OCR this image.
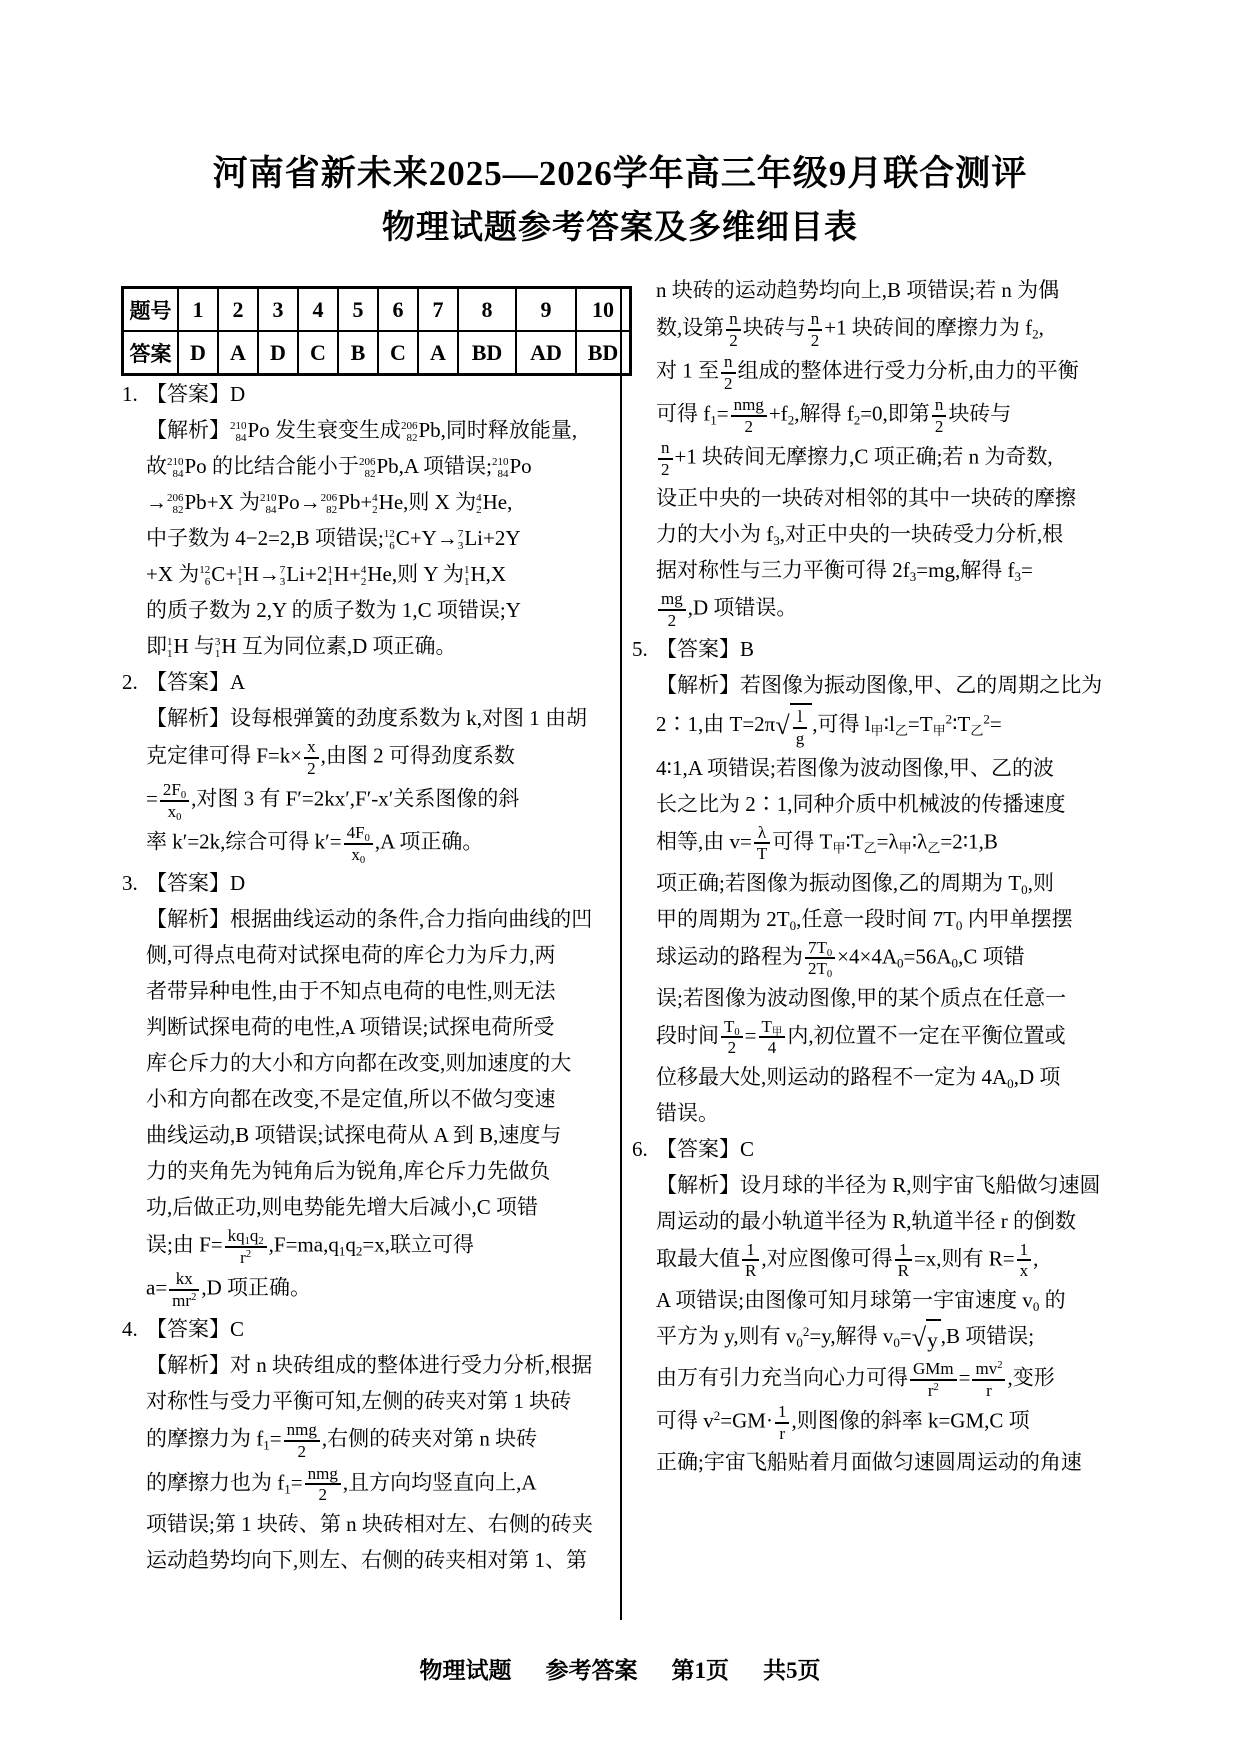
河南省新未来2025—2026学年高三年级9月联合测评
物理试题参考答案及多维细目表
题号	1	2	3	4	5	6	7	8	9	10
答案	D	A	D	C	B	C	A	BD	AD	BD
1. 【答案】D
【解析】 210
84 Po 发生衰变生成 206
82 Pb,同时释放能量,
故 210
84 Po 的比结合能小于 206
82 Pb,A 项错误; 210
84 Po
→ 206
82 Pb+X 为 210
84 Po→ 206
82 Pb+ 4
2 He,则 X 为 4
2 He,
中子数为 4−2=2,B 项错误; 12
6 C+Y→ 7
3 Li+2Y
+X 为 12
6 C+ 1
1 H→ 7
3 Li+2 1
1 H+ 4
2 He,则 Y 为 1
1 H,X
的质子数为 2,Y 的质子数为 1,C 项错误;Y
即 1
1 H 与 3
1 H 互为同位素,D 项正确。
2. 【答案】A
【解析】设每根弹簧的劲度系数为 k,对图 1 由胡
克定律可得 $F=k\times \frac{x}{2}$ ,由图 2 可得劲度系数
= $\frac{2F_0}{x_0}$ ,对图 3 有 F′=2kx′,F′-x′关系图像的斜
率 k′=2k,综合可得 $k'= \frac{4F_0}{x_0} ,A$ 项正确。
3. 【答案】D
【解析】根据曲线运动的条件,合力指向曲线的凹
侧,可得点电荷对试探电荷的库仑力为斥力,两
者带异种电性,由于不知点电荷的电性,则无法
判断试探电荷的电性,A 项错误;试探电荷所受
库仑斥力的大小和方向都在改变,则加速度的大
小和方向都在改变,不是定值,所以不做匀变速
曲线运动,B 项错误;试探电荷从 A 到 B,速度与
力的夹角先为钝角后为锐角,库仑斥力先做负
功,后做正功,则电势能先增大后减小,C 项错
误;由 $F= \frac{kq_1q_2}{r^2} ,F=ma,q_1q_2=x$,联立可得
$a= \frac{kx}{mr^2} ,D$ 项正确。
4. 【答案】C
【解析】对 n 块砖组成的整体进行受力分析,根据
对称性与受力平衡可知,左侧的砖夹对第 1 块砖
的摩擦力为 $f_1= \frac{\text{nmg}}{2}$ ,右侧的砖夹对第 n 块砖
的摩擦力也为 $f_1= \frac{\text{nmg}}{2}$ ,且方向均竖直向上,A
项错误;第 1 块砖、第 n 块砖相对左、右侧的砖夹
运动趋势均向下,则左、右侧的砖夹相对第 1、第
n 块砖的运动趋势均向上,B 项错误;若 n 为偶
数,设第 $\frac{n}{2}$ 块砖与 $\frac{n}{2} +1$ 块砖间的摩擦力为 $f_2$,
对 1 至 $\frac{n}{2}$ 组成的整体进行受力分析,由力的平衡
可得 $f_1= \frac{\text{nmg}}{2} +f_2$,解得 $f_2=0$,即第 $\frac{n}{2}$ 块砖与
$\frac{n}{2} +1$ 块砖间无摩擦力,C 项正确;若 n 为奇数,
设正中央的一块砖对相邻的其中一块砖的摩擦
力的大小为 $f_3$,对正中央的一块砖受力分析,根
据对称性与三力平衡可得 $2f_3=mg$,解得 $f_3=$
$\frac{mg}{2} ,D$ 项错误。
5. 【答案】B
【解析】若图像为振动图像,甲、乙的周期之比为
2∶1,由 $T=2\pi√ \frac{l}{g}$ ,可得 $l_甲∶l_乙=T_甲^2∶T_乙^2=$
4∶1,A 项错误;若图像为波动图像,甲、乙的波
长之比为 2∶1,同种介质中机械波的传播速度
相等,由 $v= \frac{\lambda}{T}$ 可得 $T_甲∶T_乙=\lambda_甲∶\lambda_乙=2∶1,B$
项正确;若图像为振动图像,乙的周期为 $T_0$,则
甲的周期为 $2T_0$,任意一段时间 $7T_0$ 内甲单摆摆
球运动的路程为 $\frac{7T_0}{2T_0} \times 4\times 4A_0=56A_0,C$ 项错
误;若图像为波动图像,甲的某个质点在任意一
段时间 $\frac{T_0}{2} = \frac{T_甲}{4}$ 内,初位置不一定在平衡位置或
位移最大处,则运动的路程不一定为 $4A_0,D$ 项
错误。
6. 【答案】C
【解析】设月球的半径为 R,则宇宙飞船做匀速圆
周运动的最小轨道半径为 R,轨道半径 r 的倒数
取最大值 $\frac{1}{R}$ ,对应图像可得 $\frac{1}{R} =x$,则有 $R= \frac{1}{x}$ ,
A 项错误;由图像可知月球第一宇宙速度 $v_0$ 的
平方为 y,则有 $v_0^2=y$,解得 $v_0=√y$ ,B 项错误;
由万有引力充当向心力可得 $\frac{\text{GMm}}{r^2} = \frac{mv^2}{r}$ ,变形
可得 $v^2=GM\cdot \frac{1}{r}$ ,则图像的斜率 k=GM,C 项
正确;宇宙飞船贴着月面做匀速圆周运动的角速
物理试题 参考答案 第1页 共5页
